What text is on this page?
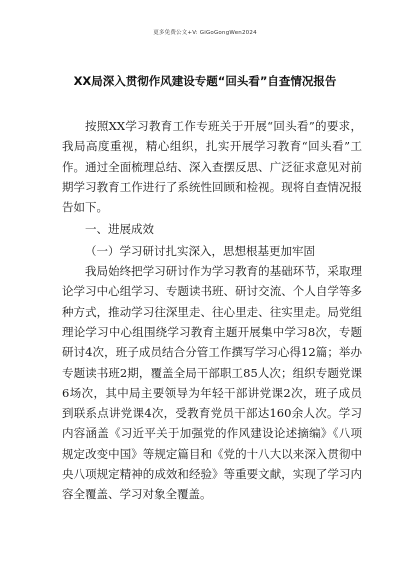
更多免费公文+V: GiGoGongWen2024
XX局深入贯彻作风建设专题“回头看”自查情况报告

按照XX学习教育工作专班关于开展“回头看”的要求，我局高度重视，精心组织，扎实开展学习教育“回头看”工作。通过全面梳理总结、深入查摆反思、广泛征求意见对前期学习教育工作进行了系统性回顾和检视。现将自查情况报告如下。

一、进展成效

（一）学习研讨扎实深入，思想根基更加牢固

我局始终把学习研讨作为学习教育的基础环节，采取理论学习中心组学习、专题读书班、研讨交流、个人自学等多种方式，推动学习往深里走、往心里走、往实里走。局党组理论学习中心组围绕学习教育主题开展集中学习8次，专题研讨4次，班子成员结合分管工作撰写学习心得12篇；举办专题读书班2期，覆盖全局干部职工85人次；组织专题党课6场次，其中局主要领导为年轻干部讲党课2次，班子成员到联系点讲党课4次，受教育党员干部达160余人次。学习内容涵盖《习近平关于加强党的作风建设论述摘编》《八项规定改变中国》等规定篇目和《党的十八大以来深入贯彻中央八项规定精神的成效和经验》等重要文献，实现了学习内容全覆盖、学习对象全覆盖。
